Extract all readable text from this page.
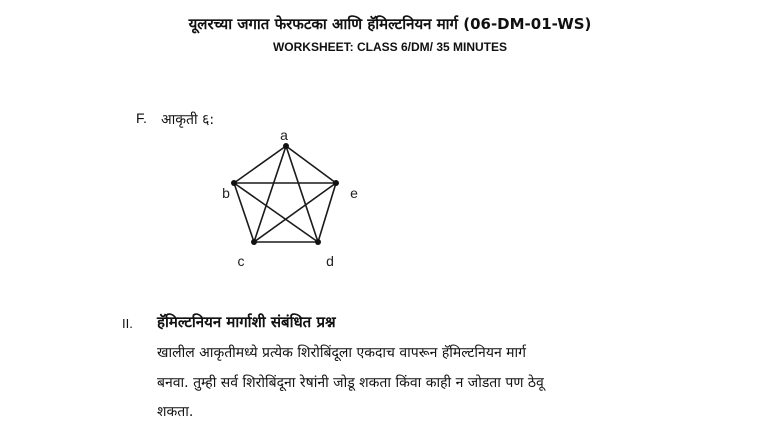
यूलरच्या जगात फेरफटका आणि हॅमिल्टनियन मार्ग (06-DM-01-WS)
WORKSHEET: CLASS 6/DM/ 35 MINUTES
F. आकृती ६:
a
b
c	d
e
II. हॅमिल्टनियन मार्गाशी संबंधित प्रश्न
खालील आकृतीमध्ये प्रत्येक शिरोबिंदूला एकदाच वापरून हॅमिल्टनियन मार्ग
बनवा. तुम्ही सर्व शिरोबिंदूना रेषांनी जोडू शकता किंवा काही न जोडता पण ठेवू
शकता.
